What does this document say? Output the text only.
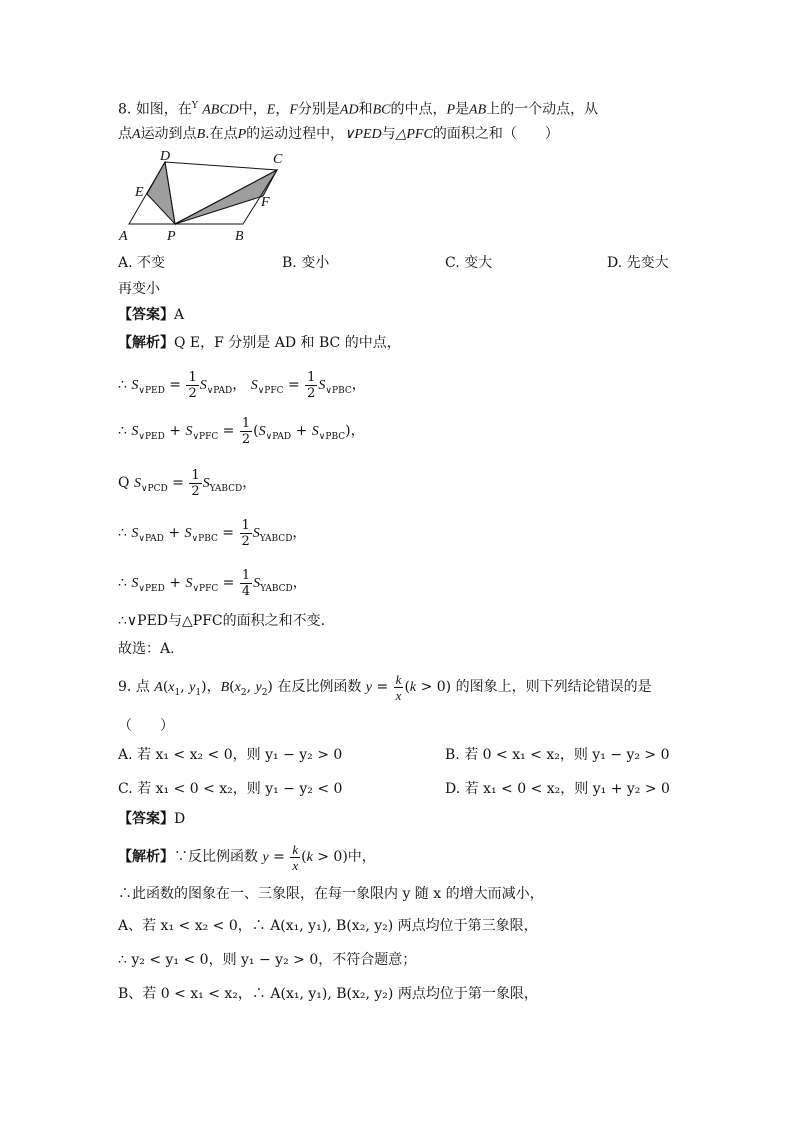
8. 如图，在$^Y$ ABCD中，E，F分别是AD和BC的中点，P是AB上的一个动点，从
点A运动到点B.在点P的运动过程中，∨PED与△PFC的面积之和（　　）
D	C
E
F
A	P	B
A. 不变	B. 变小	C. 变大	D. 先变大
再变小
【答案】A
【解析】Q E，F 分别是 AD 和 BC 的中点，
∴ $S_{\vee PED} = \frac{1}{2} S_{\vee PAD}$， $S_{\vee PFC} = \frac{1}{2} S_{\vee PBC}$，
∴ $S_{\vee PED} + S_{\vee PFC} = \frac{1}{2} (S_{\vee PAD} + S_{\vee PBC})$，
Q $S_{\vee PCD} = \frac{1}{2} S_{YABCD}$，
∴ $S_{\vee PAD} + S_{\vee PBC} = \frac{1}{2} S_{YABCD}$，
∴ $S_{\vee PED} + S_{\vee PFC} = \frac{1}{4} S_{YABCD}$，
∴∨PED与△PFC的面积之和不变.
故选：A.
9. 点 $A(x_1$, $y_1$)，$B(x_2$, $y_2$) 在反比例函数 $y = \frac{k}{x} (k > 0)$ 的图象上，则下列结论错误的是
（　　）
A. 若 x₁ < x₂ < 0，则 y₁ − y₂ > 0	B. 若 0 < x₁ < x₂，则 y₁ − y₂ > 0
C. 若 x₁ < 0 < x₂，则 y₁ − y₂ < 0	D. 若 x₁ < 0 < x₂，则 y₁ + y₂ > 0
【答案】D
【解析】∵反比例函数 $y = \frac{k}{x} (k > 0)$中，
∴此函数的图象在一、三象限，在每一象限内 y 随 x 的增大而减小，
A、若 x₁ < x₂ < 0，∴ A(x₁, y₁), B(x₂, y₂) 两点均位于第三象限，
∴ y₂ < y₁ < 0，则 y₁ − y₂ > 0，不符合题意；
B、若 0 < x₁ < x₂，∴ A(x₁, y₁), B(x₂, y₂) 两点均位于第一象限，
